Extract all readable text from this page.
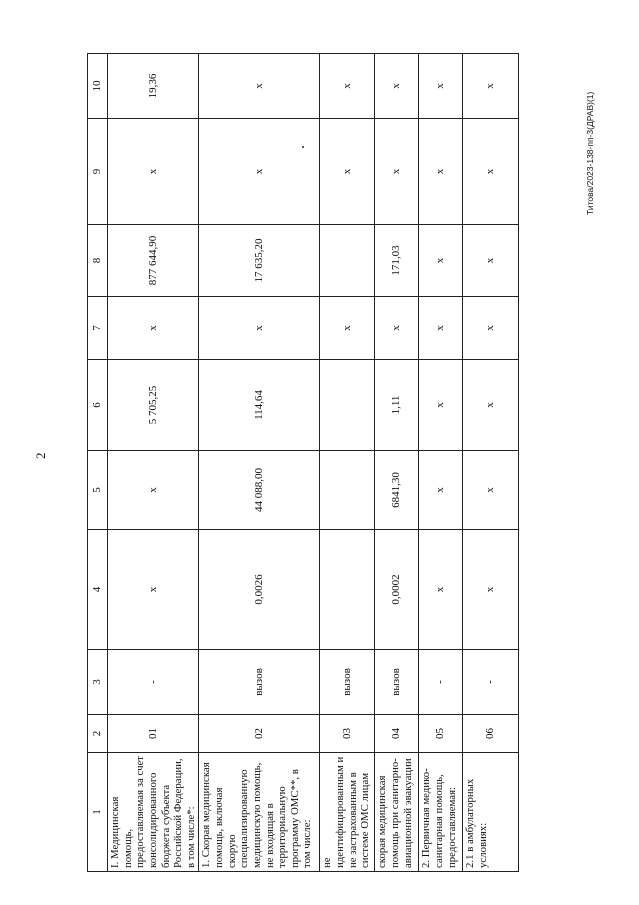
2
Титова/2023-138-пп-3(ДРАВ)(1)
1	2	3	4	5	6	7	8	9	10
I. Медицинская помощь, предоставляемая за счет консолидированного бюджета субъекта Российской Федерации, в том числе*:	01	-	х	х	5 705,25	х	877 644,90	х	19,36
1. Скорая медицинская помощь, включая скорую специализированную медицинскую помощь, не входящая в территориальную программу ОМС**, в том числе:	02	вызов	0,0026	44 088,00	114,64	х	17 635,20	х	х
не идентифицированным и не застрахованным в системе ОМС лицам	03	вызов				х		х	х
скорая медицинская помощь при санитарно-авиационной эвакуации	04	вызов	0,0002	6841,30	1,11	х	171,03	х	х
2. Первичная медико-санитарная помощь, предоставляемая:	05	-	х	х	х	х	х	х	х
2.1 в амбулаторных условиях:	06	-	х	х	х	х	х	х	х
